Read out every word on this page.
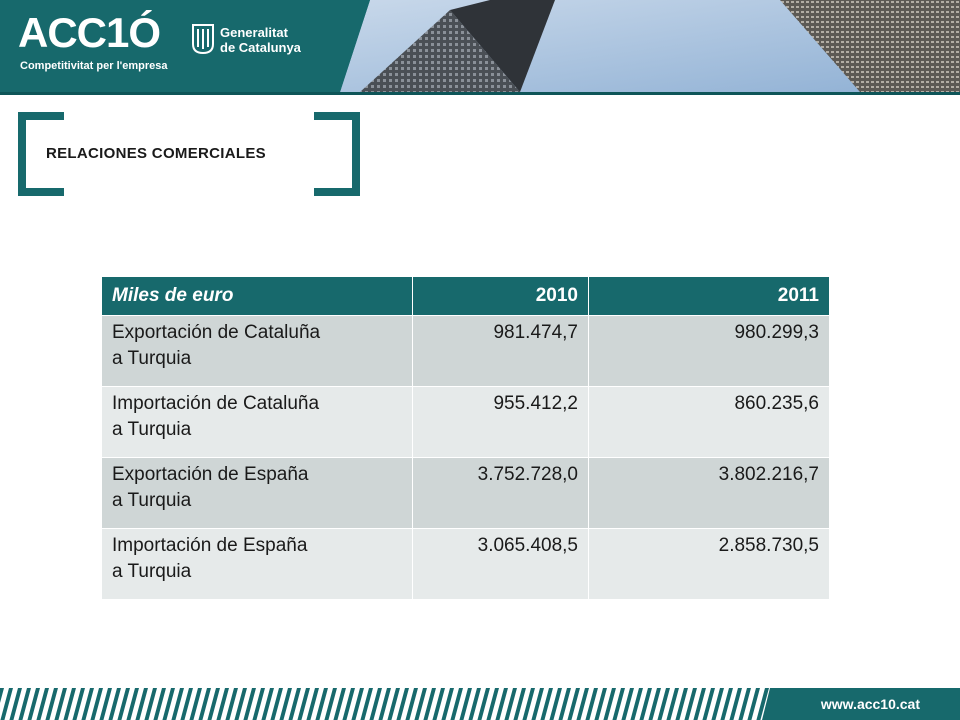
ACC1Ó
Competitivitat per l'empresa
Generalitat
de Catalunya
RELACIONES COMERCIALES
Miles de euro	2010	2011

Exportación de Cataluña
a Turquia	981.474,7	980.299,3

Importación de Cataluña
a Turquia	955.412,2	860.235,6

Exportación de España
a Turquia	3.752.728,0	3.802.216,7

Importación de España
a Turquia	3.065.408,5	2.858.730,5
www.acc10.cat
